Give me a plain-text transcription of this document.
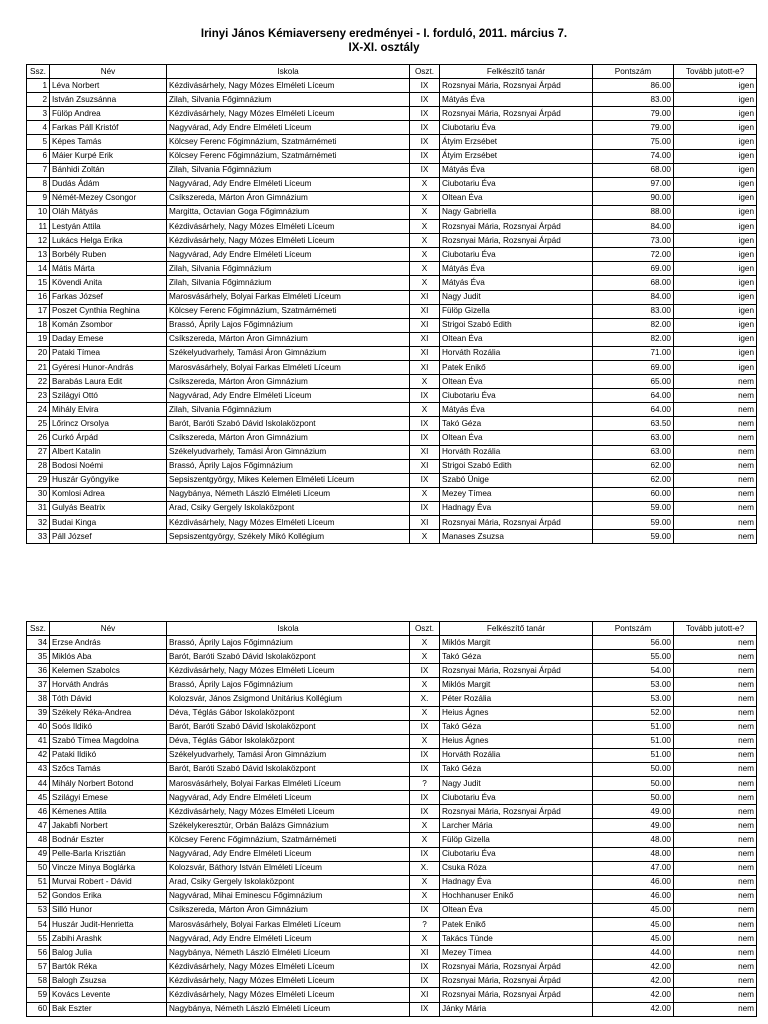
Irinyi János Kémiaverseny eredményei - I. forduló, 2011. március 7.
IX-XI. osztály
Ssz.	Név	Iskola	Oszt.	Felkészítő tanár	Pontszám	Tovább jutott-e?
1	Léva Norbert	Kézdivásárhely, Nagy Mózes Elméleti Líceum	IX	Rozsnyai Mária, Rozsnyai Árpád	86.00	igen
2	István Zsuzsánna	Zilah, Silvania Főgimnázium	IX	Mátyás Éva	83.00	igen
3	Fülöp Andrea	Kézdivásárhely, Nagy Mózes Elméleti Líceum	IX	Rozsnyai Mária, Rozsnyai Árpád	79.00	igen
4	Farkas Páll Kristóf	Nagyvárad, Ady Endre Elméleti Líceum	IX	Ciubotariu Éva	79.00	igen
5	Képes Tamás	Kölcsey Ferenc Főgimnázium, Szatmárnémeti	IX	Átyim Erzsébet	75.00	igen
6	Máier Kurpé Erik	Kölcsey Ferenc Főgimnázium, Szatmárnémeti	IX	Átyim Erzsébet	74.00	igen
7	Bánhidi Zoltán	Zilah, Silvania Főgimnázium	IX	Mátyás Éva	68.00	igen
8	Dudás Ádám	Nagyvárad, Ady Endre Elméleti Líceum	X	Ciubotariu Éva	97.00	igen
9	Némét-Mezey Csongor	Csíkszereda, Márton Áron Gimnázium	X	Oltean Éva	90.00	igen
10	Oláh Mátyás	Margitta, Octavian Goga Főgimnázium	X	Nagy Gabriella	88.00	igen
11	Lestyán Attila	Kézdivásárhely, Nagy Mózes Elméleti Líceum	X	Rozsnyai Mária, Rozsnyai Árpád	84.00	igen
12	Lukács Helga Erika	Kézdivásárhely, Nagy Mózes Elméleti Líceum	X	Rozsnyai Mária, Rozsnyai Árpád	73.00	igen
13	Borbély Ruben	Nagyvárad, Ady Endre Elméleti Líceum	X	Ciubotariu Éva	72.00	igen
14	Mátis Márta	Zilah, Silvania Főgimnázium	X	Mátyás Éva	69.00	igen
15	Kövendi Anita	Zilah, Silvania Főgimnázium	X	Mátyás Éva	68.00	igen
16	Farkas József	Marosvásárhely, Bolyai Farkas Elméleti Líceum	XI	Nagy Judit	84.00	igen
17	Poszet Cynthia Reghina	Kölcsey Ferenc Főgimnázium, Szatmárnémeti	XI	Fülöp Gizella	83.00	igen
18	Komán Zsombor	Brassó, Áprily Lajos Főgimnázium	XI	Strigoi Szabó Edith	82.00	igen
19	Daday Emese	Csíkszereda, Márton Áron Gimnázium	XI	Oltean Éva	82.00	igen
20	Pataki Tímea	Székelyudvarhely, Tamási Áron Gimnázium	XI	Horváth Rozália	71.00	igen
21	Gyéresi Hunor-András	Marosvásárhely, Bolyai Farkas Elméleti Líceum	XI	Patek Enikő	69.00	igen
22	Barabás Laura Edit	Csíkszereda, Márton Áron Gimnázium	X	Oltean Éva	65.00	nem
23	Szilágyi Ottó	Nagyvárad, Ady Endre Elméleti Líceum	IX	Ciubotariu Éva	64.00	nem
24	Mihály Elvira	Zilah, Silvania Főgimnázium	X	Mátyás Éva	64.00	nem
25	Lőrincz Orsolya	Barót, Baróti Szabó Dávid Iskolaközpont	IX	Takó Géza	63.50	nem
26	Curkó Árpád	Csíkszereda, Márton Áron Gimnázium	IX	Oltean Éva	63.00	nem
27	Albert Katalin	Székelyudvarhely, Tamási Áron Gimnázium	XI	Horváth Rozália	63.00	nem
28	Bodosi Noémi	Brassó, Áprily Lajos Főgimnázium	XI	Strigoi Szabó Edith	62.00	nem
29	Huszár Gyöngyike	Sepsiszentgyörgy, Mikes Kelemen Elméleti Líceum	IX	Szabó Ünige	62.00	nem
30	Komlosi Adrea	Nagybánya, Németh László Elméleti Líceum	X	Mezey Tímea	60.00	nem
31	Gulyás Beatrix	Arad, Csiky Gergely Iskolaközpont	IX	Hadnagy Éva	59.00	nem
32	Budai Kinga	Kézdivásárhely, Nagy Mózes Elméleti Líceum	XI	Rozsnyai Mária, Rozsnyai Árpád	59.00	nem
33	Páll József	Sepsiszentgyörgy, Székely Mikó Kollégium	X	Manases Zsuzsa	59.00	nem
Ssz.	Név	Iskola	Oszt.	Felkészítő tanár	Pontszám	Tovább jutott-e?
34	Erzse András	Brassó, Áprily Lajos Főgimnázium	X	Miklós Margit	56.00	nem
35	Miklós Aba	Barót, Baróti Szabó Dávid Iskolaközpont	X	Takó Géza	55.00	nem
36	Kelemen Szabolcs	Kézdivásárhely, Nagy Mózes Elméleti Líceum	IX	Rozsnyai Mária, Rozsnyai Árpád	54.00	nem
37	Horváth András	Brassó, Áprily Lajos Főgimnázium	X	Miklós Margit	53.00	nem
38	Tóth Dávid	Kolozsvár, János Zsigmond Unitárius Kollégium	X.	Péter Rozália	53.00	nem
39	Székely Réka-Andrea	Déva, Téglás Gábor Iskolaközpont	X	Heius Ágnes	52.00	nem
40	Soós Ildikó	Barót, Baróti Szabó Dávid Iskolaközpont	IX	Takó Géza	51.00	nem
41	Szabó Tímea Magdolna	Déva, Téglás Gábor Iskolaközpont	X	Heius Ágnes	51.00	nem
42	Pataki Ildikó	Székelyudvarhely, Tamási Áron Gimnázium	IX	Horváth Rozália	51.00	nem
43	Szőcs Tamás	Barót, Baróti Szabó Dávid Iskolaközpont	IX	Takó Géza	50.00	nem
44	Mihály Norbert Botond	Marosvásárhely, Bolyai Farkas Elméleti Líceum	?	Nagy Judit	50.00	nem
45	Szilágyi Emese	Nagyvárad, Ady Endre Elméleti Líceum	IX	Ciubotariu Éva	50.00	nem
46	Kémenes Attila	Kézdivásárhely, Nagy Mózes Elméleti Líceum	IX	Rozsnyai Mária, Rozsnyai Árpád	49.00	nem
47	Jakabfi Norbert	Székelykeresztúr, Orbán Balázs Gimnázium	X	Larcher Mária	49.00	nem
48	Bodnár Eszter	Kölcsey Ferenc Főgimnázium, Szatmárnémeti	X	Fülöp Gizella	48.00	nem
49	Pelle-Barla Krisztián	Nagyvárad, Ady Endre Elméleti Líceum	IX	Ciubotariu Éva	48.00	nem
50	Vincze Minya Boglárka	Kolozsvár, Báthory István Elméleti Líceum	X.	Csuka Róza	47.00	nem
51	Murvai Robert - Dávid	Arad, Csiky Gergely Iskolaközpont	X	Hadnagy Éva	46.00	nem
52	Gondos Erika	Nagyvárad, Mihai Eminescu Főgimnázium	X	Hochhanuser Enikő	46.00	nem
53	Silló Hunor	Csíkszereda, Márton Áron Gimnázium	IX	Oltean Éva	45.00	nem
54	Huszár Judit-Henrietta	Marosvásárhely, Bolyai Farkas Elméleti Líceum	?	Patek Enikő	45.00	nem
55	Zabihi Arashk	Nagyvárad, Ady Endre Elméleti Líceum	X	Takács Tünde	45.00	nem
56	Balog Julia	Nagybánya, Németh László Elméleti Líceum	XI	Mezey Tímea	44.00	nem
57	Bartók Réka	Kézdivásárhely, Nagy Mózes Elméleti Líceum	IX	Rozsnyai Mária, Rozsnyai Árpád	42.00	nem
58	Balogh Zsuzsa	Kézdivásárhely, Nagy Mózes Elméleti Líceum	IX	Rozsnyai Mária, Rozsnyai Árpád	42.00	nem
59	Kovács Levente	Kézdivásárhely, Nagy Mózes Elméleti Líceum	XI	Rozsnyai Mária, Rozsnyai Árpád	42.00	nem
60	Bak Eszter	Nagybánya, Németh László Elméleti Líceum	IX	Jánky Mária	42.00	nem
